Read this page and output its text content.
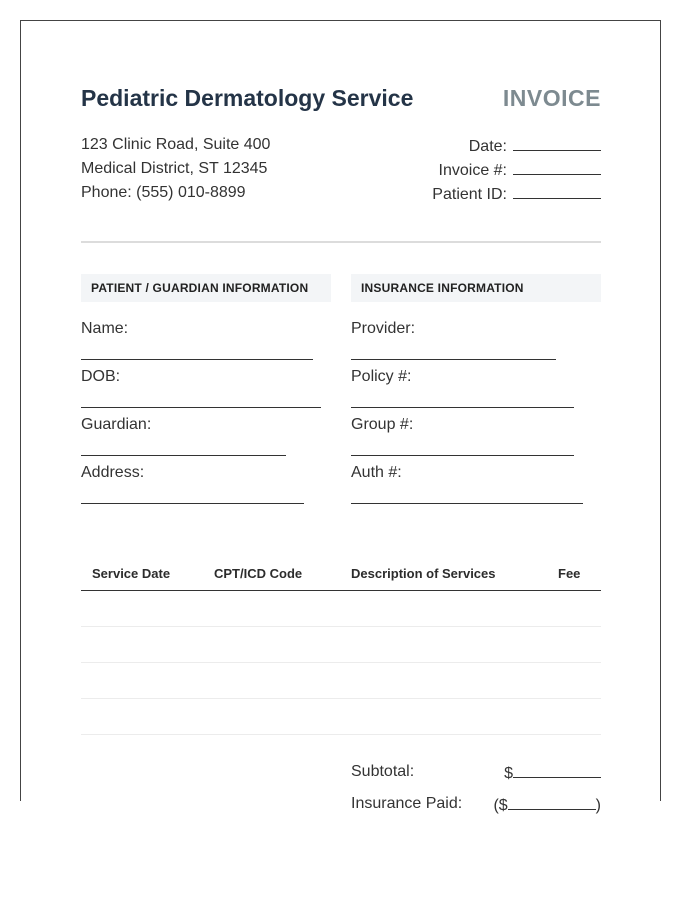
Pediatric Dermatology Service	INVOICE
123 Clinic Road, Suite 400
Medical District, ST 12345
Phone: (555) 010-8899
Date:
Invoice #:
Patient ID:
PATIENT / GUARDIAN INFORMATION
Name:
DOB:
Guardian:
Address:
INSURANCE INFORMATION
Provider:
Policy #:
Group #:
Auth #:
Service Date	CPT/ICD Code	Description of Services	Fee
Subtotal:	$
Insurance Paid: ($	)
